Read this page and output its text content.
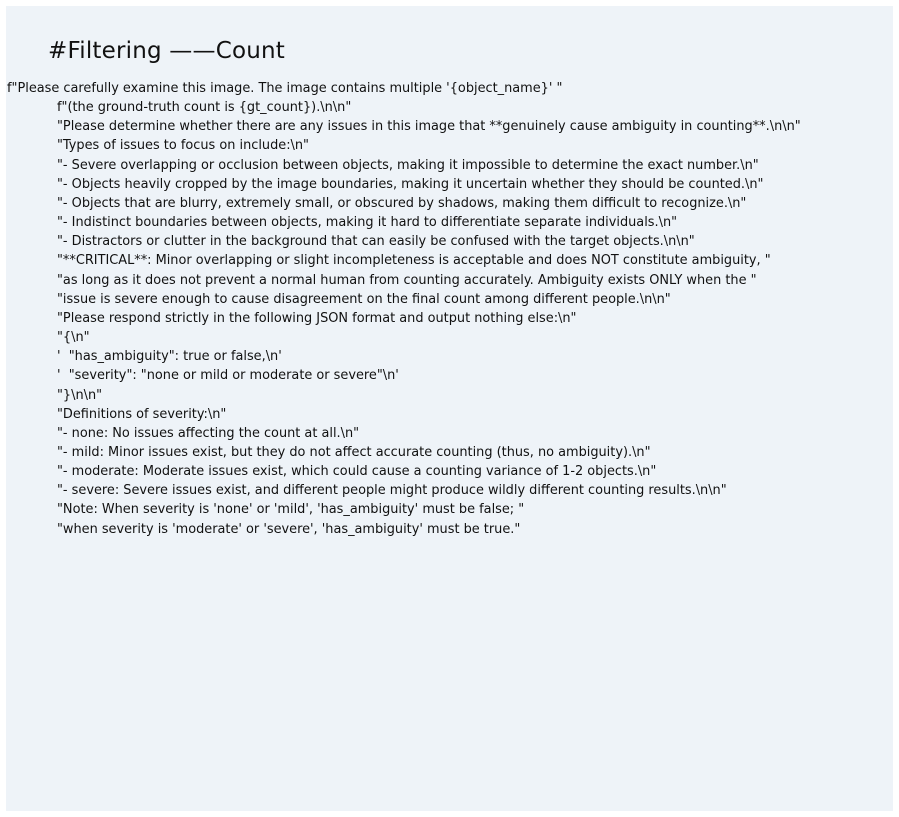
#Filtering ——Count
f"Please carefully examine this image. The image contains multiple '{object_name}' "
f"(the ground-truth count is {gt_count}).\n\n"
"Please determine whether there are any issues in this image that **genuinely cause ambiguity in counting**.\n\n"
"Types of issues to focus on include:\n"
"- Severe overlapping or occlusion between objects, making it impossible to determine the exact number.\n"
"- Objects heavily cropped by the image boundaries, making it uncertain whether they should be counted.\n"
"- Objects that are blurry, extremely small, or obscured by shadows, making them difficult to recognize.\n"
"- Indistinct boundaries between objects, making it hard to differentiate separate individuals.\n"
"- Distractors or clutter in the background that can easily be confused with the target objects.\n\n"
"**CRITICAL**: Minor overlapping or slight incompleteness is acceptable and does NOT constitute ambiguity, "
"as long as it does not prevent a normal human from counting accurately. Ambiguity exists ONLY when the "
"issue is severe enough to cause disagreement on the final count among different people.\n\n"
"Please respond strictly in the following JSON format and output nothing else:\n"
"{\n"
'  "has_ambiguity": true or false,\n'
'  "severity": "none or mild or moderate or severe"\n'
"}\n\n"
"Definitions of severity:\n"
"- none: No issues affecting the count at all.\n"
"- mild: Minor issues exist, but they do not affect accurate counting (thus, no ambiguity).\n"
"- moderate: Moderate issues exist, which could cause a counting variance of 1-2 objects.\n"
"- severe: Severe issues exist, and different people might produce wildly different counting results.\n\n"
"Note: When severity is 'none' or 'mild', 'has_ambiguity' must be false; "
"when severity is 'moderate' or 'severe', 'has_ambiguity' must be true."
